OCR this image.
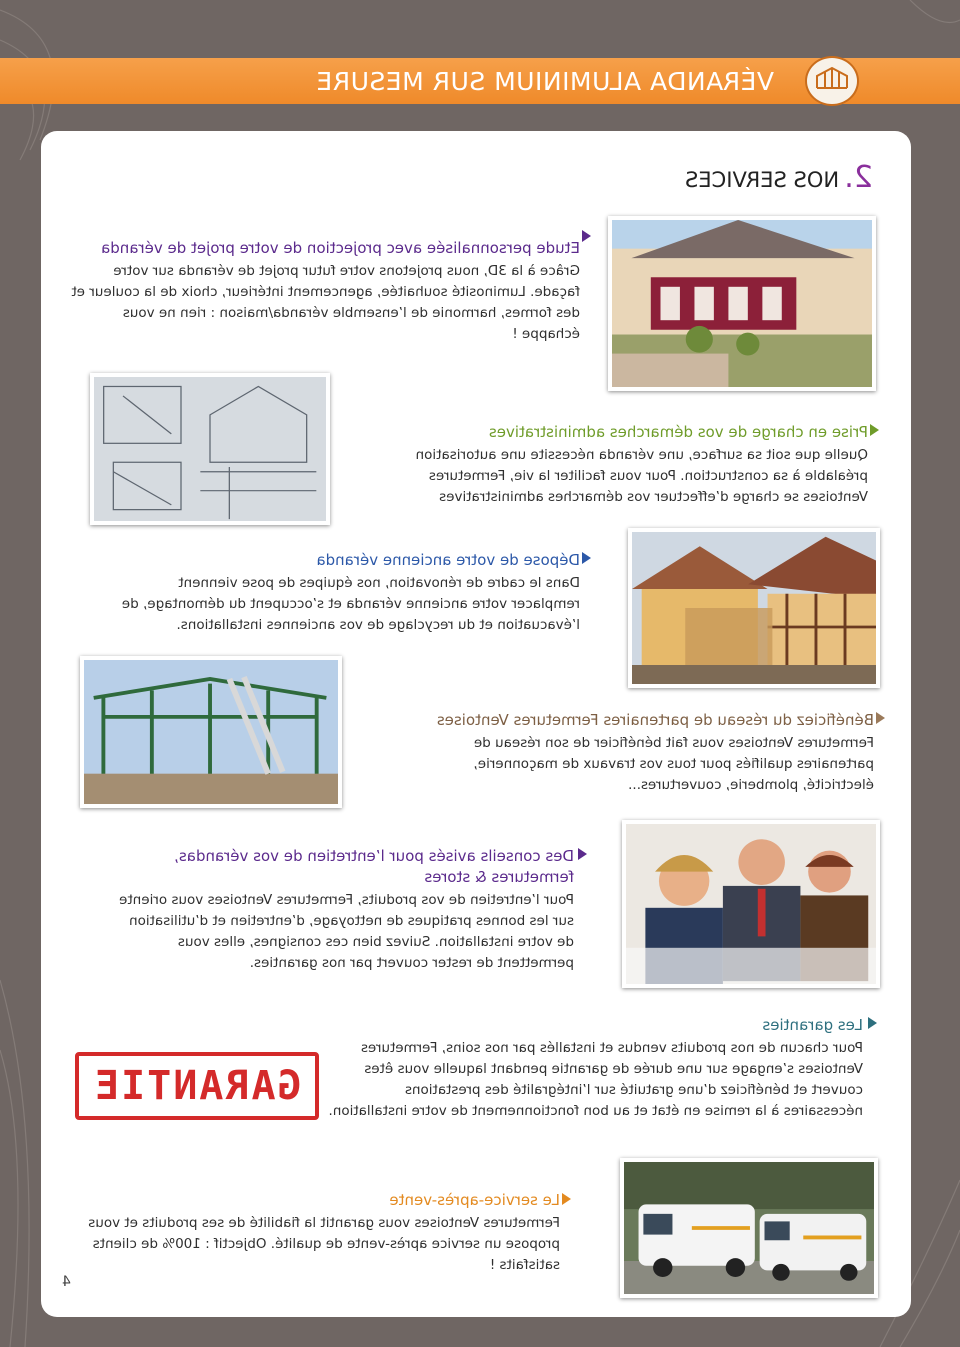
VÉRANDA ALUMINIUM SUR MESURE
2. NOS SERVICES
Etude personnalisée avec projection de votre projet de véranda

Grâce à la 3D, nous projetons votre futur projet de véranda sur votre façade. Luminosité souhaitée, agencement intérieur, choix de la couleur et des formes, harmonie de l’ensemble véranda/maison : rien ne vous échappe !

Prise en charge de vos démarches administratives

Quelle que soit sa surface, une véranda nécessite une autorisation préalable à sa construction. Pour vous faciliter la vie, Fermetures Ventoises se charge d’effectuer vos démarches administratives

Dépose de votre ancienne véranda

Dans le cadre de rénovation, nos équipes de pose viennent remplacer votre ancienne véranda et s’occupent du démontage, de l’évacuation et du recyclage de vos anciennes installations.

Bénéficiez du réseau de partenaires Fermetures Ventoises

Fermetures Ventoises vous fait bénéficier de son réseau de partenaires qualifiés pour tous vos travaux de maçonnerie, électricité, plomberie, couvertures...

Des conseils avisés pour l’entretien de vos vérandas, fermetures & stores

Pour l’entretien de vos produits, Fermetures Ventoises vous oriente sur les bonnes pratiques de nettoyage, d’entretien et d’utilisation de votre installation. Suivez bien ces consignes, elles vous permettent de rester couvert par nos garanties.

Les garanties

Pour chacun de nos produits vendus et installés par nos soins, Fermetures Ventoises s’engage sur une durée de garantie pendant laquelle vous êtes couvert et bénéficiez d’une gratuité sur l’intégralité des prestations nécessaires à la remise en état et au bon fonctionnement de votre installation.

GARANTIE
Le service-après-vente

Fermetures Ventoises vous garantit la fiabilité de ses produits et vous propose un service après-vente de qualité. Objectif : 100% de clients satisfaits !

4
